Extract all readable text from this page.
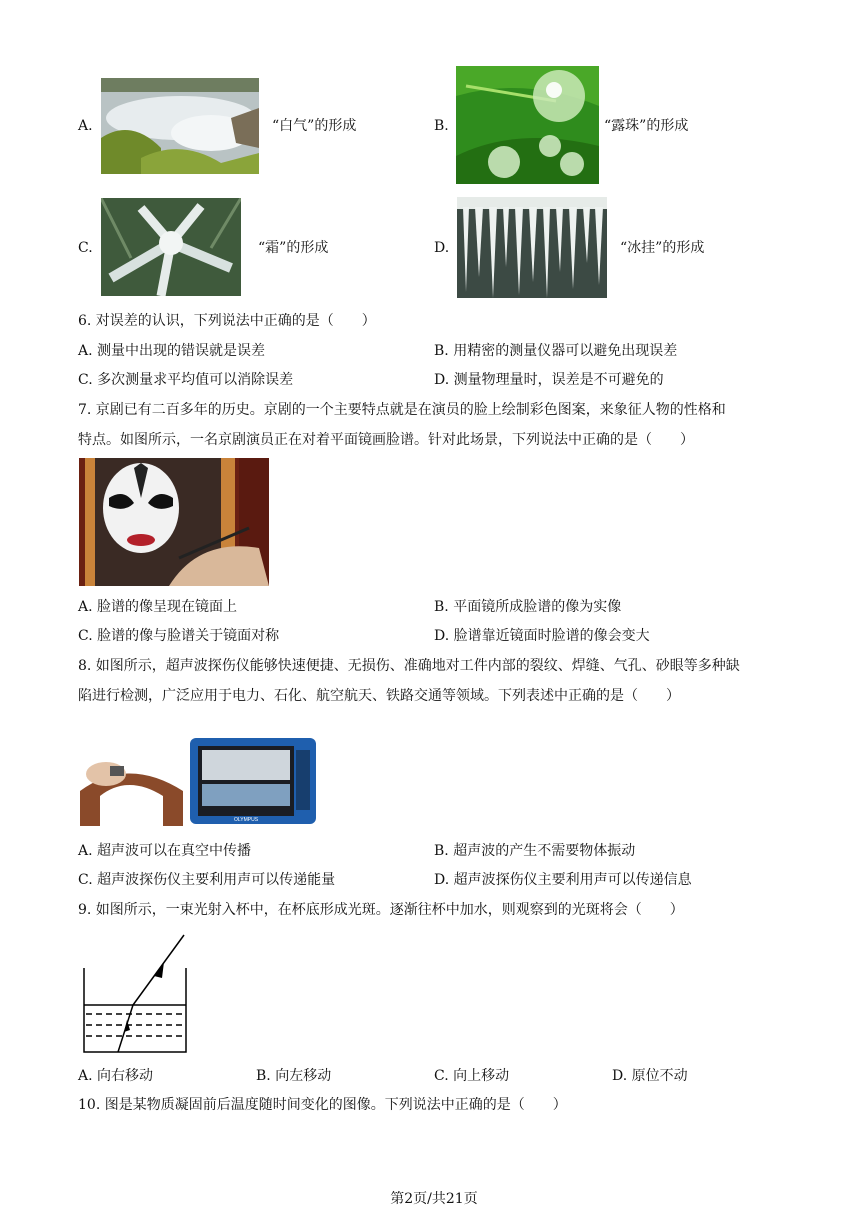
A.	“白气”的形成	B.	“露珠”的形成
C.	“霜”的形成	D.	“冰挂”的形成
6. 对误差的认识，下列说法中正确的是（　　）
A. 测量中出现的错误就是误差	B. 用精密的测量仪器可以避免出现误差
C. 多次测量求平均值可以消除误差	D. 测量物理量时，误差是不可避免的
7. 京剧已有二百多年的历史。京剧的一个主要特点就是在演员的脸上绘制彩色图案，来象征人物的性格和
特点。如图所示，一名京剧演员正在对着平面镜画脸谱。针对此场景，下列说法中正确的是（　　）
A. 脸谱的像呈现在镜面上	B. 平面镜所成脸谱的像为实像
C. 脸谱的像与脸谱关于镜面对称	D. 脸谱靠近镜面时脸谱的像会变大
8. 如图所示，超声波探伤仪能够快速便捷、无损伤、准确地对工件内部的裂纹、焊缝、气孔、砂眼等多种缺
陷进行检测，广泛应用于电力、石化、航空航天、铁路交通等领域。下列表述中正确的是（　　）
OLYMPUS
A. 超声波可以在真空中传播	B. 超声波的产生不需要物体振动
C. 超声波探伤仪主要利用声可以传递能量	D. 超声波探伤仪主要利用声可以传递信息
9. 如图所示，一束光射入杯中，在杯底形成光斑。逐渐往杯中加水，则观察到的光斑将会（　　）
A. 向右移动	B. 向左移动	C. 向上移动	D. 原位不动
10. 图是某物质凝固前后温度随时间变化的图像。下列说法中正确的是（　　）
第2页/共21页
